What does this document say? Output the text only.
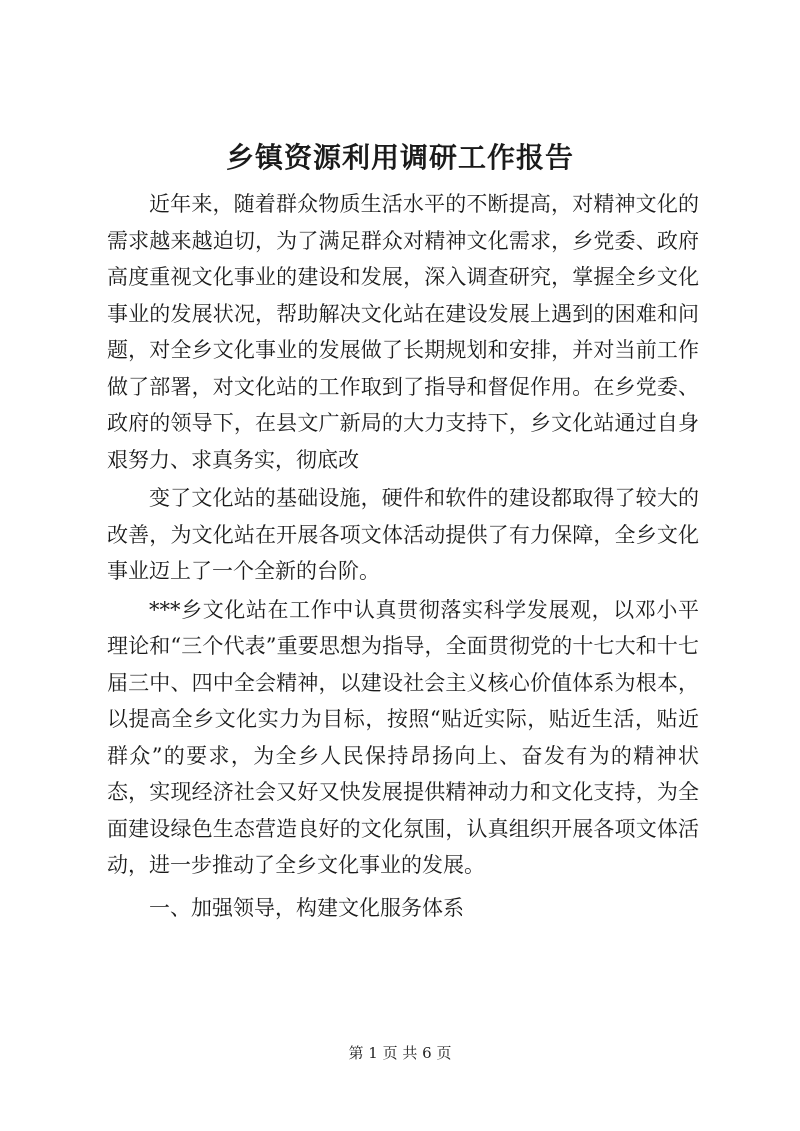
乡镇资源利用调研工作报告

近年来，随着群众物质生活水平的不断提高，对精神文化的需求越来越迫切，为了满足群众对精神文化需求，乡党委、政府高度重视文化事业的建设和发展，深入调查研究，掌握全乡文化事业的发展状况，帮助解决文化站在建设发展上遇到的困难和问题，对全乡文化事业的发展做了长期规划和安排，并对当前工作做了部署，对文化站的工作取到了指导和督促作用。在乡党委、政府的领导下，在县文广新局的大力支持下，乡文化站通过自身艰努力、求真务实，彻底改

变了文化站的基础设施，硬件和软件的建设都取得了较大的改善，为文化站在开展各项文体活动提供了有力保障，全乡文化事业迈上了一个全新的台阶。

***乡文化站在工作中认真贯彻落实科学发展观，以邓小平理论和“三个代表”重要思想为指导，全面贯彻党的十七大和十七届三中、四中全会精神，以建设社会主义核心价值体系为根本，以提高全乡文化实力为目标，按照“贴近实际，贴近生活，贴近群众”的要求，为全乡人民保持昂扬向上、奋发有为的精神状态，实现经济社会又好又快发展提供精神动力和文化支持，为全面建设绿色生态营造良好的文化氛围，认真组织开展各项文体活动，进一步推动了全乡文化事业的发展。

一、加强领导，构建文化服务体系

第 1 页 共 6 页
